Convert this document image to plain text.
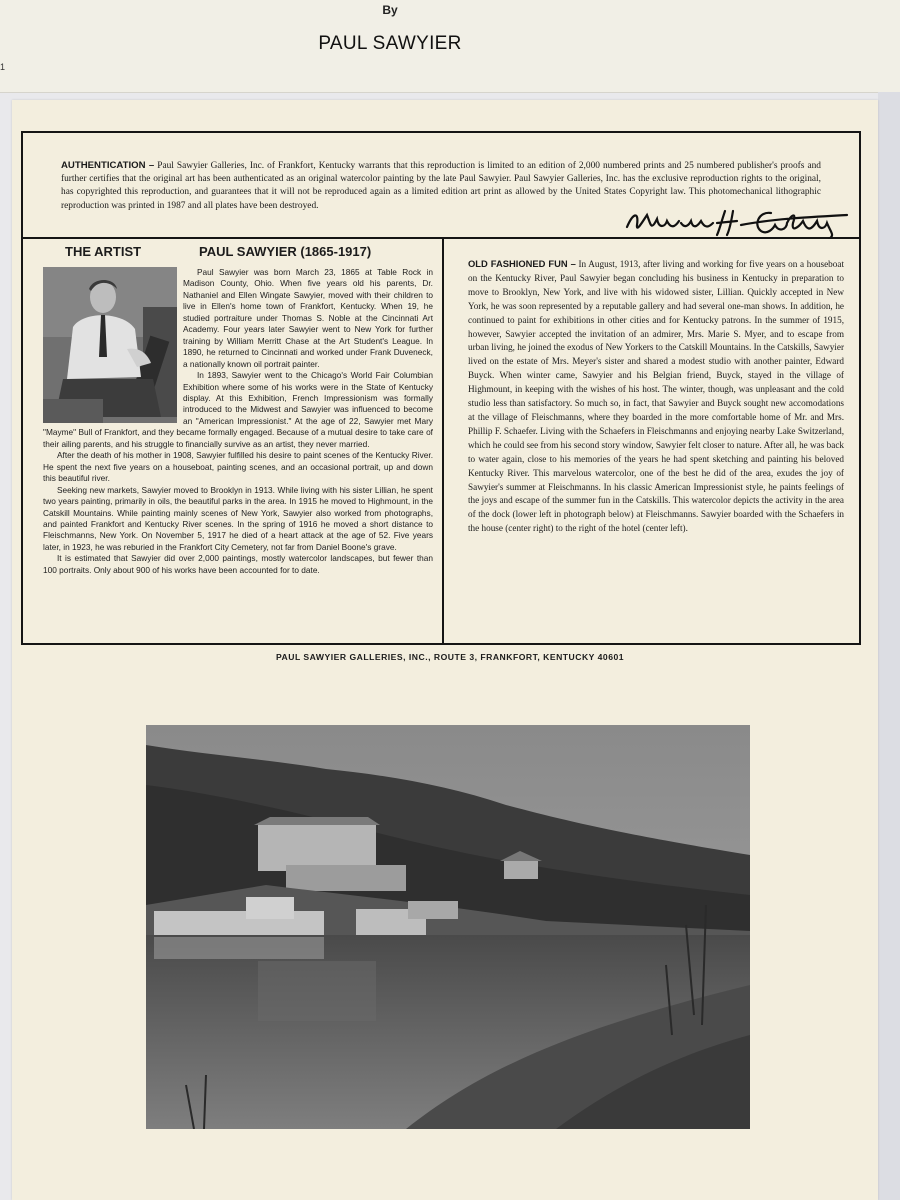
By
PAUL SAWYIER
1
AUTHENTICATION – Paul Sawyier Galleries, Inc. of Frankfort, Kentucky warrants that this reproduction is limited to an edition of 2,000 numbered prints and 25 numbered publisher's proofs and further certifies that the original art has been authenticated as an original watercolor painting by the late Paul Sawyier. Paul Sawyier Galleries, Inc. has the exclusive reproduction rights to the original, has copyrighted this reproduction, and guarantees that it will not be reproduced again as a limited edition art print as allowed by the United States Copyright law. This photomechanical lithographic reproduction was printed in 1987 and all plates have been destroyed.
THE ARTIST	PAUL SAWYIER (1865-1917)

Paul Sawyier was born March 23, 1865 at Table Rock in Madison County, Ohio. When five years old his parents, Dr. Nathaniel and Ellen Wingate Sawyier, moved with their children to live in Ellen's home town of Frankfort, Kentucky. When 19, he studied portraiture under Thomas S. Noble at the Cincinnati Art Academy. Four years later Sawyier went to New York for further training by William Merritt Chase at the Art Student's League. In 1890, he returned to Cincinnati and worked under Frank Duveneck, a nationally known oil portrait painter.

In 1893, Sawyier went to the Chicago's World Fair Columbian Exhibition where some of his works were in the State of Kentucky display. At this Exhibition, French Impressionism was formally introduced to the Midwest and Sawyier was influenced to become an "American Impressionist." At the age of 22, Sawyier met Mary "Mayme" Bull of Frankfort, and they became formally engaged. Because of a mutual desire to take care of their ailing parents, and his struggle to financially survive as an artist, they never married.

After the death of his mother in 1908, Sawyier fulfilled his desire to paint scenes of the Kentucky River. He spent the next five years on a houseboat, painting scenes, and an occasional portrait, up and down this beautiful river.

Seeking new markets, Sawyier moved to Brooklyn in 1913. While living with his sister Lillian, he spent two years painting, primarily in oils, the beautiful parks in the area. In 1915 he moved to Highmount, in the Catskill Mountains. While painting mainly scenes of New York, Sawyier also worked from photographs, and painted Frankfort and Kentucky River scenes. In the spring of 1916 he moved a short distance to Fleischmanns, New York. On November 5, 1917 he died of a heart attack at the age of 52. Five years later, in 1923, he was reburied in the Frankfort City Cemetery, not far from Daniel Boone's grave.

It is estimated that Sawyier did over 2,000 paintings, mostly watercolor landscapes, but fewer than 100 portraits. Only about 900 of his works have been accounted for to date.

OLD FASHIONED FUN – In August, 1913, after living and working for five years on a houseboat on the Kentucky River, Paul Sawyier began concluding his business in Kentucky in preparation to move to Brooklyn, New York, and live with his widowed sister, Lillian. Quickly accepted in New York, he was soon represented by a reputable gallery and had several one-man shows. In addition, he continued to paint for exhibitions in other cities and for Kentucky patrons. In the summer of 1915, however, Sawyier accepted the invitation of an admirer, Mrs. Marie S. Myer, and to escape from urban living, he joined the exodus of New Yorkers to the Catskill Mountains. In the Catskills, Sawyier lived on the estate of Mrs. Meyer's sister and shared a modest studio with another painter, Edward Buyck. When winter came, Sawyier and his Belgian friend, Buyck, stayed in the village of Highmount, in keeping with the wishes of his host. The winter, though, was unpleasant and the cold studio less than satisfactory. So much so, in fact, that Sawyier and Buyck sought new accomodations at the village of Fleischmanns, where they boarded in the more comfortable home of Mr. and Mrs. Phillip F. Schaefer. Living with the Schaefers in Fleischmanns and enjoying nearby Lake Switzerland, which he could see from his second story window, Sawyier felt closer to nature. After all, he was back to water again, close to his memories of the years he had spent sketching and painting his beloved Kentucky River. This marvelous watercolor, one of the best he did of the area, exudes the joy of Sawyier's summer at Fleischmanns. In his classic American Impressionist style, he paints feelings of the joys and escape of the summer fun in the Catskills. This watercolor depicts the activity in the area of the dock (lower left in photograph below) at Fleischmanns. Sawyier boarded with the Schaefers in the house (center right) to the right of the hotel (center left).
PAUL SAWYIER GALLERIES, INC., ROUTE 3, FRANKFORT, KENTUCKY 40601
